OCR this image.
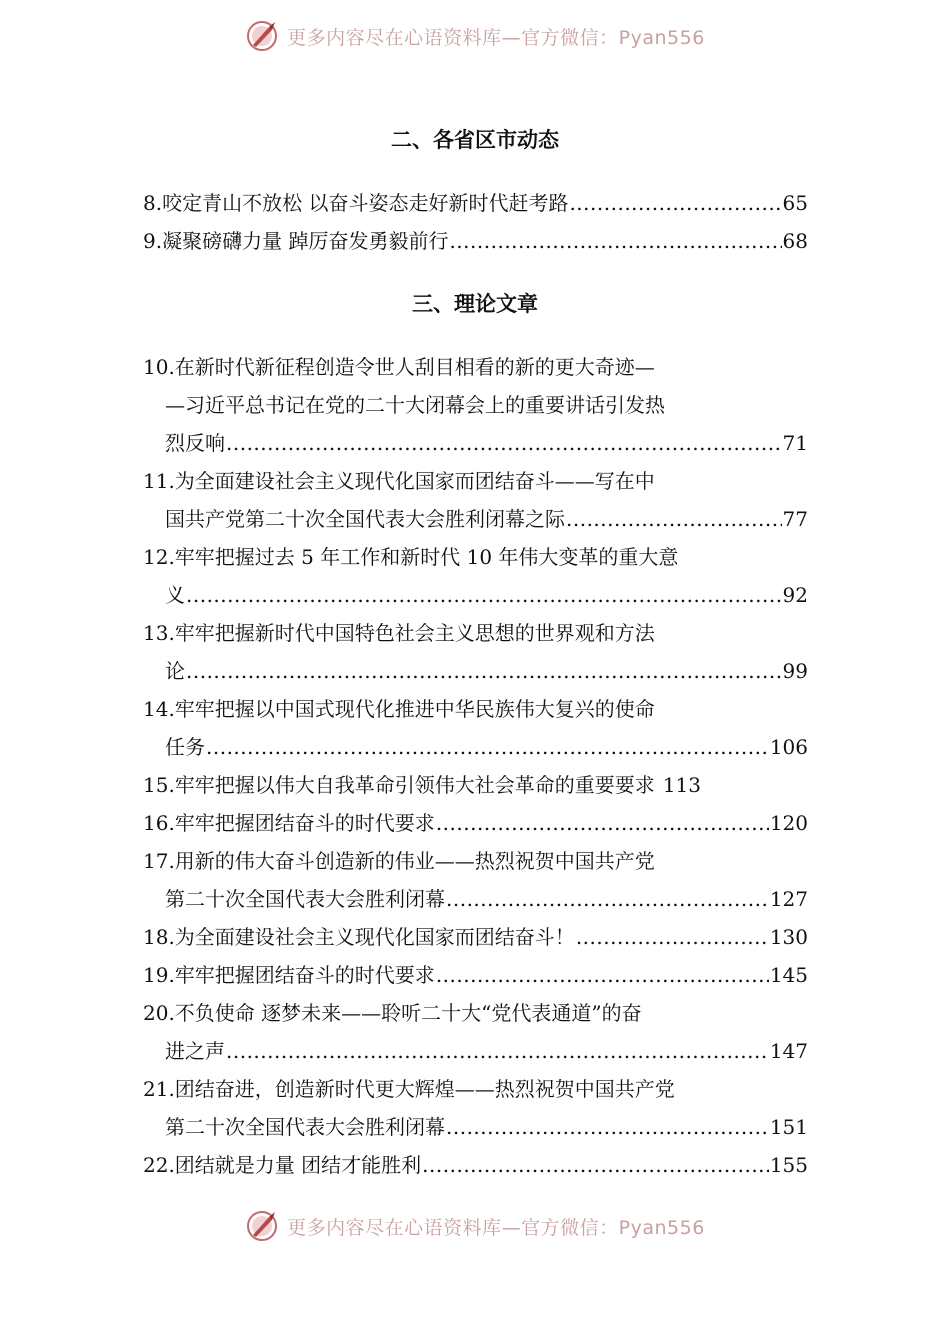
更多内容尽在心语资料库—官方微信：Pyan556
二、各省区市动态
8.咬定青山不放松 以奋斗姿态走好新时代赶考路 .....	65
9.凝聚磅礴力量 踔厉奋发勇毅前行 .....	68
三、理论文章
10.在新时代新征程创造令世人刮目相看的新的更大奇迹—
—习近平总书记在党的二十大闭幕会上的重要讲话引发热
烈反响 .....	71
11.为全面建设社会主义现代化国家而团结奋斗——写在中
国共产党第二十次全国代表大会胜利闭幕之际 .....	77
12.牢牢把握过去 5 年工作和新时代 10 年伟大变革的重大意
义 .....	92
13.牢牢把握新时代中国特色社会主义思想的世界观和方法
论 .....	99
14.牢牢把握以中国式现代化推进中华民族伟大复兴的使命
任务 .....	106
15.牢牢把握以伟大自我革命引领伟大社会革命的重要要求 113
16.牢牢把握团结奋斗的时代要求 .....	120
17.用新的伟大奋斗创造新的伟业——热烈祝贺中国共产党
第二十次全国代表大会胜利闭幕 .....	127
18.为全面建设社会主义现代化国家而团结奋斗！ .....	130
19.牢牢把握团结奋斗的时代要求 .....	145
20.不负使命 逐梦未来——聆听二十大“党代表通道”的奋
进之声 .....	147
21.团结奋进，创造新时代更大辉煌——热烈祝贺中国共产党
第二十次全国代表大会胜利闭幕 .....	151
22.团结就是力量 团结才能胜利 .....	155
更多内容尽在心语资料库—官方微信：Pyan556
